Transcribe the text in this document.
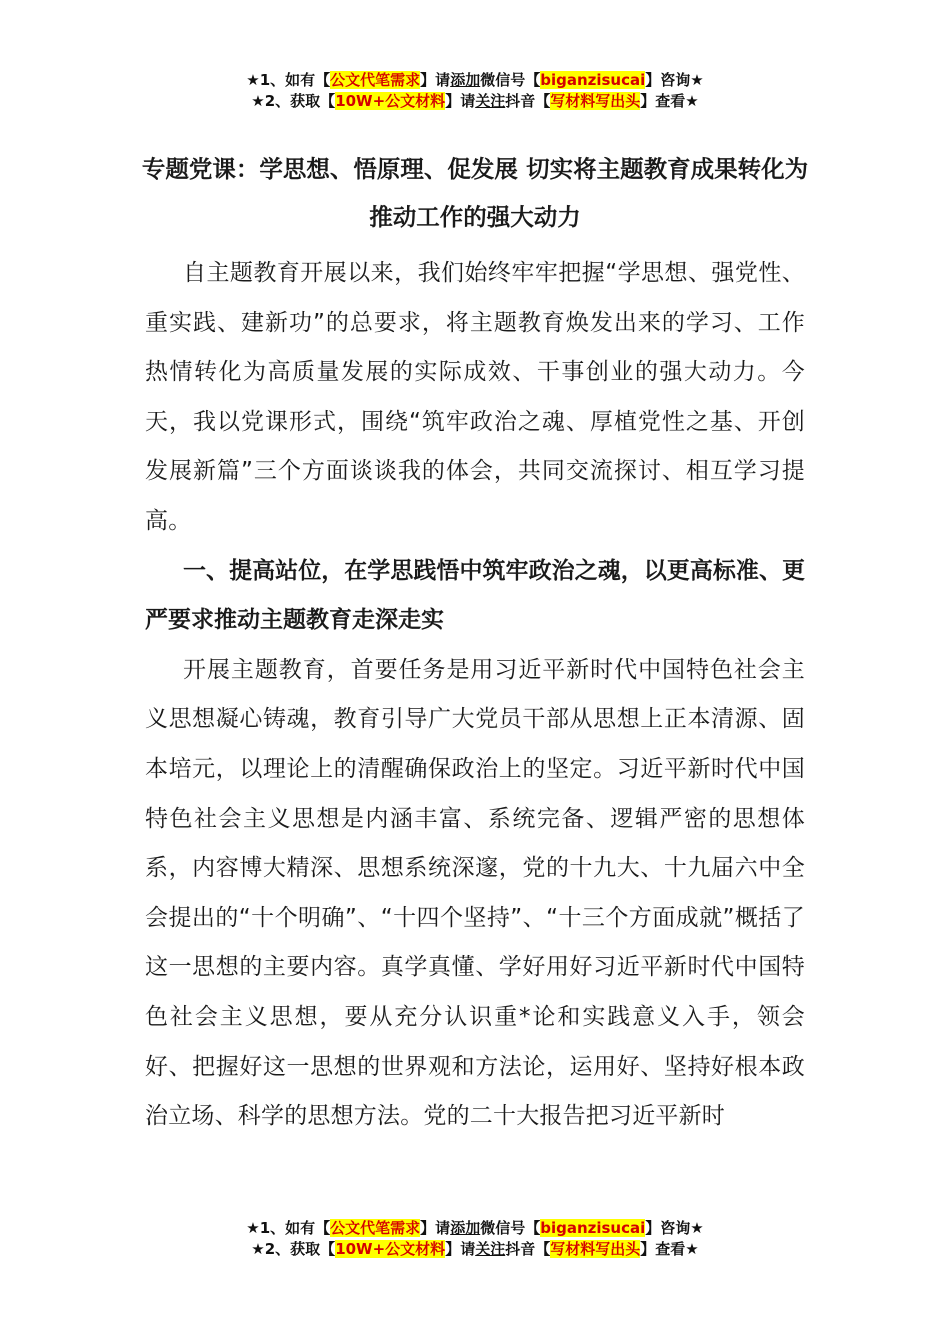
★1、如有【公文代笔需求】请添加微信号【biganzisucai】咨询★
★2、获取【10W+公文材料】请关注抖音【写材料写出头】查看★
专题党课：学思想、悟原理、促发展 切实将主题教育成果转化为推动工作的强大动力

自主题教育开展以来，我们始终牢牢把握“学思想、强党性、重实践、建新功”的总要求，将主题教育焕发出来的学习、工作热情转化为高质量发展的实际成效、干事创业的强大动力。今天，我以党课形式，围绕“筑牢政治之魂、厚植党性之基、开创发展新篇”三个方面谈谈我的体会，共同交流探讨、相互学习提高。

一、提高站位，在学思践悟中筑牢政治之魂，以更高标准、更严要求推动主题教育走深走实

开展主题教育，首要任务是用习近平新时代中国特色社会主义思想凝心铸魂，教育引导广大党员干部从思想上正本清源、固本培元，以理论上的清醒确保政治上的坚定。习近平新时代中国特色社会主义思想是内涵丰富、系统完备、逻辑严密的思想体系，内容博大精深、思想系统深邃，党的十九大、十九届六中全会提出的“十个明确”、“十四个坚持”、“十三个方面成就”概括了这一思想的主要内容。真学真懂、学好用好习近平新时代中国特色社会主义思想，要从充分认识重*论和实践意义入手，领会好、把握好这一思想的世界观和方法论，运用好、坚持好根本政治立场、科学的思想方法。党的二十大报告把习近平新时

★1、如有【公文代笔需求】请添加微信号【biganzisucai】咨询★
★2、获取【10W+公文材料】请关注抖音【写材料写出头】查看★
